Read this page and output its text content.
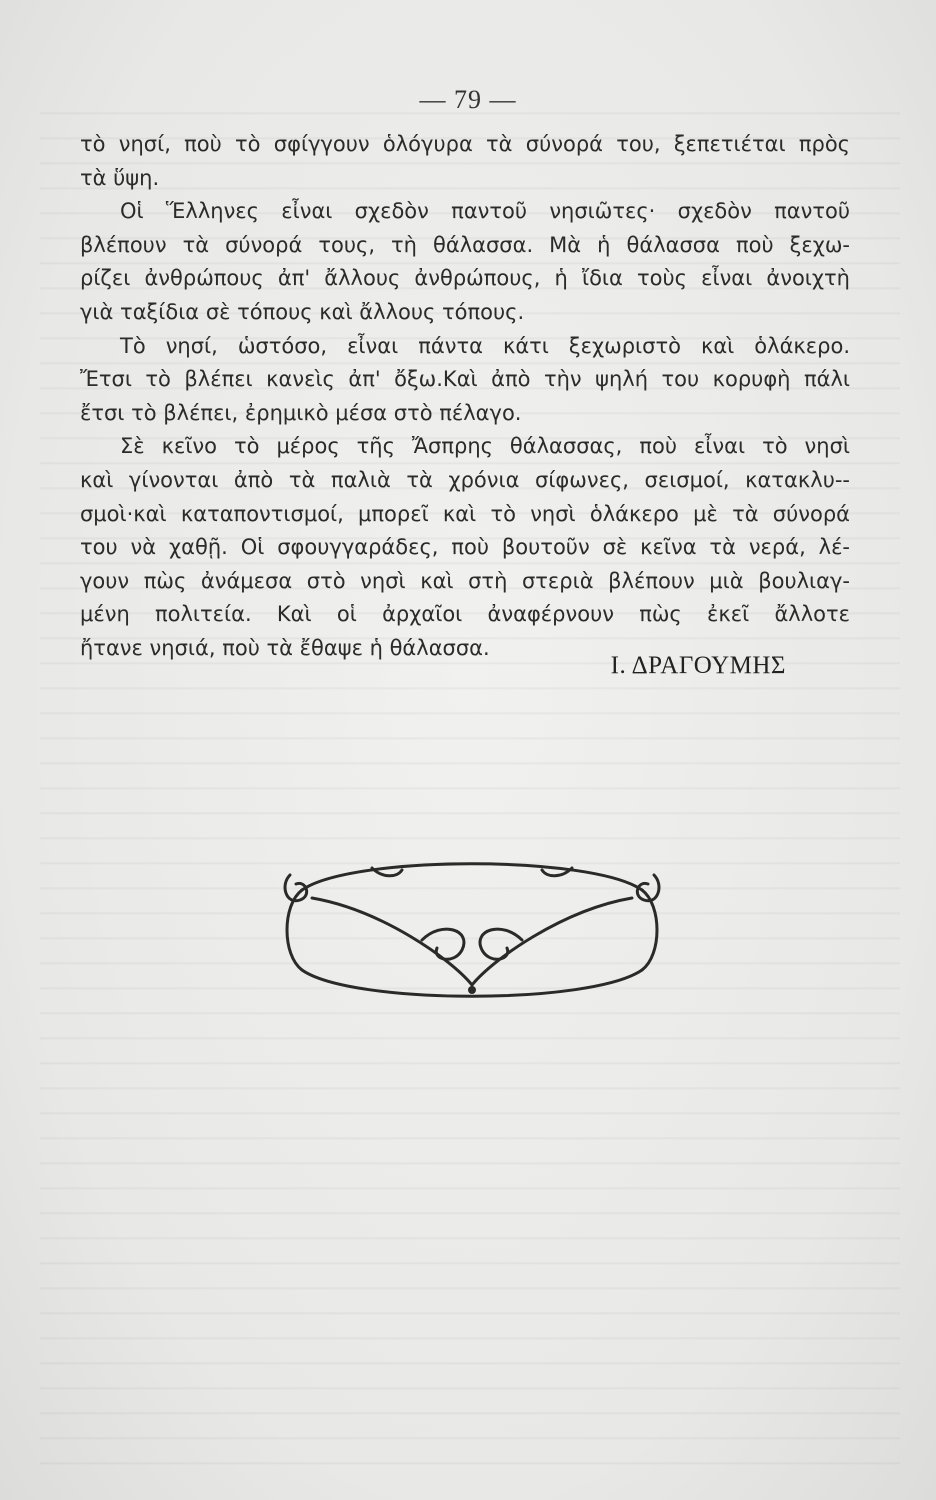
— 79 —
τὸ νησί, ποὺ τὸ σφίγγουν ὁλόγυρα τὰ σύνορά του, ξεπετιέται πρὸς
τὰ ὕψη.
Οἱ Ἕλληνες εἶναι σχεδὸν παντοῦ νησιῶτες· σχεδὸν παντοῦ
βλέπουν τὰ σύνορά τους, τὴ θάλασσα. Μὰ ἡ θάλασσα ποὺ ξεχω-
ρίζει ἀνθρώπους ἀπ' ἄλλους ἀνθρώπους, ἡ ἴδια τοὺς εἶναι ἀνοιχτὴ
γιὰ ταξίδια σὲ τόπους καὶ ἄλλους τόπους.
Τὸ νησί, ὡστόσο, εἶναι πάντα κάτι ξεχωριστὸ καὶ ὁλάκερο.
Ἔτσι τὸ βλέπει κανεὶς ἀπ' ὄξω.Καὶ ἀπὸ τὴν ψηλή του κορυφὴ πάλι
ἔτσι τὸ βλέπει, ἐρημικὸ μέσα στὸ πέλαγο.
Σὲ κεῖνο τὸ μέρος τῆς Ἄσπρης θάλασσας, ποὺ εἶναι τὸ νησὶ
καὶ γίνονται ἀπὸ τὰ παλιὰ τὰ χρόνια σίφωνες, σεισμοί, κατακλυ--
σμοὶ·καὶ καταποντισμοί, μπορεῖ καὶ τὸ νησὶ ὁλάκερο μὲ τὰ σύνορά
του νὰ χαθῇ. Οἱ σφουγγαράδες, ποὺ βουτοῦν σὲ κεῖνα τὰ νερά, λέ-
γουν πὼς ἀνάμεσα στὸ νησὶ καὶ στὴ στεριὰ βλέπουν μιὰ βουλιαγ-
μένη πολιτεία. Καὶ οἱ ἀρχαῖοι ἀναφέρνουν πὼς ἐκεῖ ἄλλοτε
ἤτανε νησιά, ποὺ τὰ ἔθαψε ἡ θάλασσα.
Ι. ΔΡΑΓΟΥΜΗΣ
